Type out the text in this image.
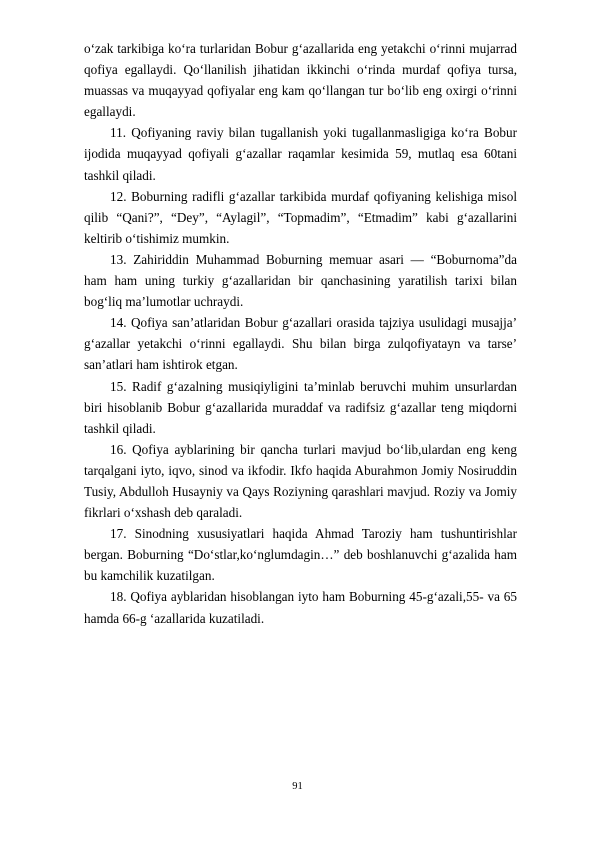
o‘zak tarkibiga ko‘ra turlaridan Bobur g‘azallarida eng yetakchi o‘rinni mujarrad qofiya egallaydi. Qo‘llanilish jihatidan ikkinchi o‘rinda murdaf qofiya tursa, muassas va muqayyad qofiyalar eng kam qo‘llangan tur bo‘lib eng oxirgi o‘rinni egallaydi.

11. Qofiyaning raviy bilan tugallanish yoki tugallanmasligiga ko‘ra Bobur ijodida muqayyad qofiyali g‘azallar raqamlar kesimida 59, mutlaq esa 60tani tashkil qiladi.

12. Boburning radifli g‘azallar tarkibida murdaf qofiyaning kelishiga misol qilib “Qani?”, “Dey”, “Aylagil”, “Topmadim”, “Etmadim” kabi g‘azallarini keltirib o‘tishimiz mumkin.

13. Zahiriddin Muhammad Boburning memuar asari — “Boburnoma”da ham ham uning turkiy g‘azallaridan bir qanchasining yaratilish tarixi bilan bog‘liq ma’lumotlar uchraydi.

14. Qofiya san’atlaridan Bobur g‘azallari orasida tajziya usulidagi musajja’ g‘azallar yetakchi o‘rinni egallaydi. Shu bilan birga zulqofiyatayn va tarse’ san’atlari ham ishtirok etgan.

15. Radif g‘azalning musiqiyligini ta’minlab beruvchi muhim unsurlardan biri hisoblanib Bobur g‘azallarida muraddaf va radifsiz g‘azallar teng miqdorni tashkil qiladi.

16. Qofiya ayblarining bir qancha turlari mavjud bo‘lib,ulardan eng keng tarqalgani iyto, iqvo, sinod va ikfodir. Ikfo haqida Aburahmon Jomiy Nosiruddin Tusiy, Abdulloh Husayniy va Qays Roziyning qarashlari mavjud. Roziy va Jomiy fikrlari o‘xshash deb qaraladi.

17. Sinodning xususiyatlari haqida Ahmad Taroziy ham tushuntirishlar bergan. Boburning “Do‘stlar,ko‘nglumdagin…” deb boshlanuvchi g‘azalida ham bu kamchilik kuzatilgan.

18. Qofiya ayblaridan hisoblangan iyto ham Boburning 45-g‘azali,55- va 65 hamda 66-g ‘azallarida kuzatiladi.

91
